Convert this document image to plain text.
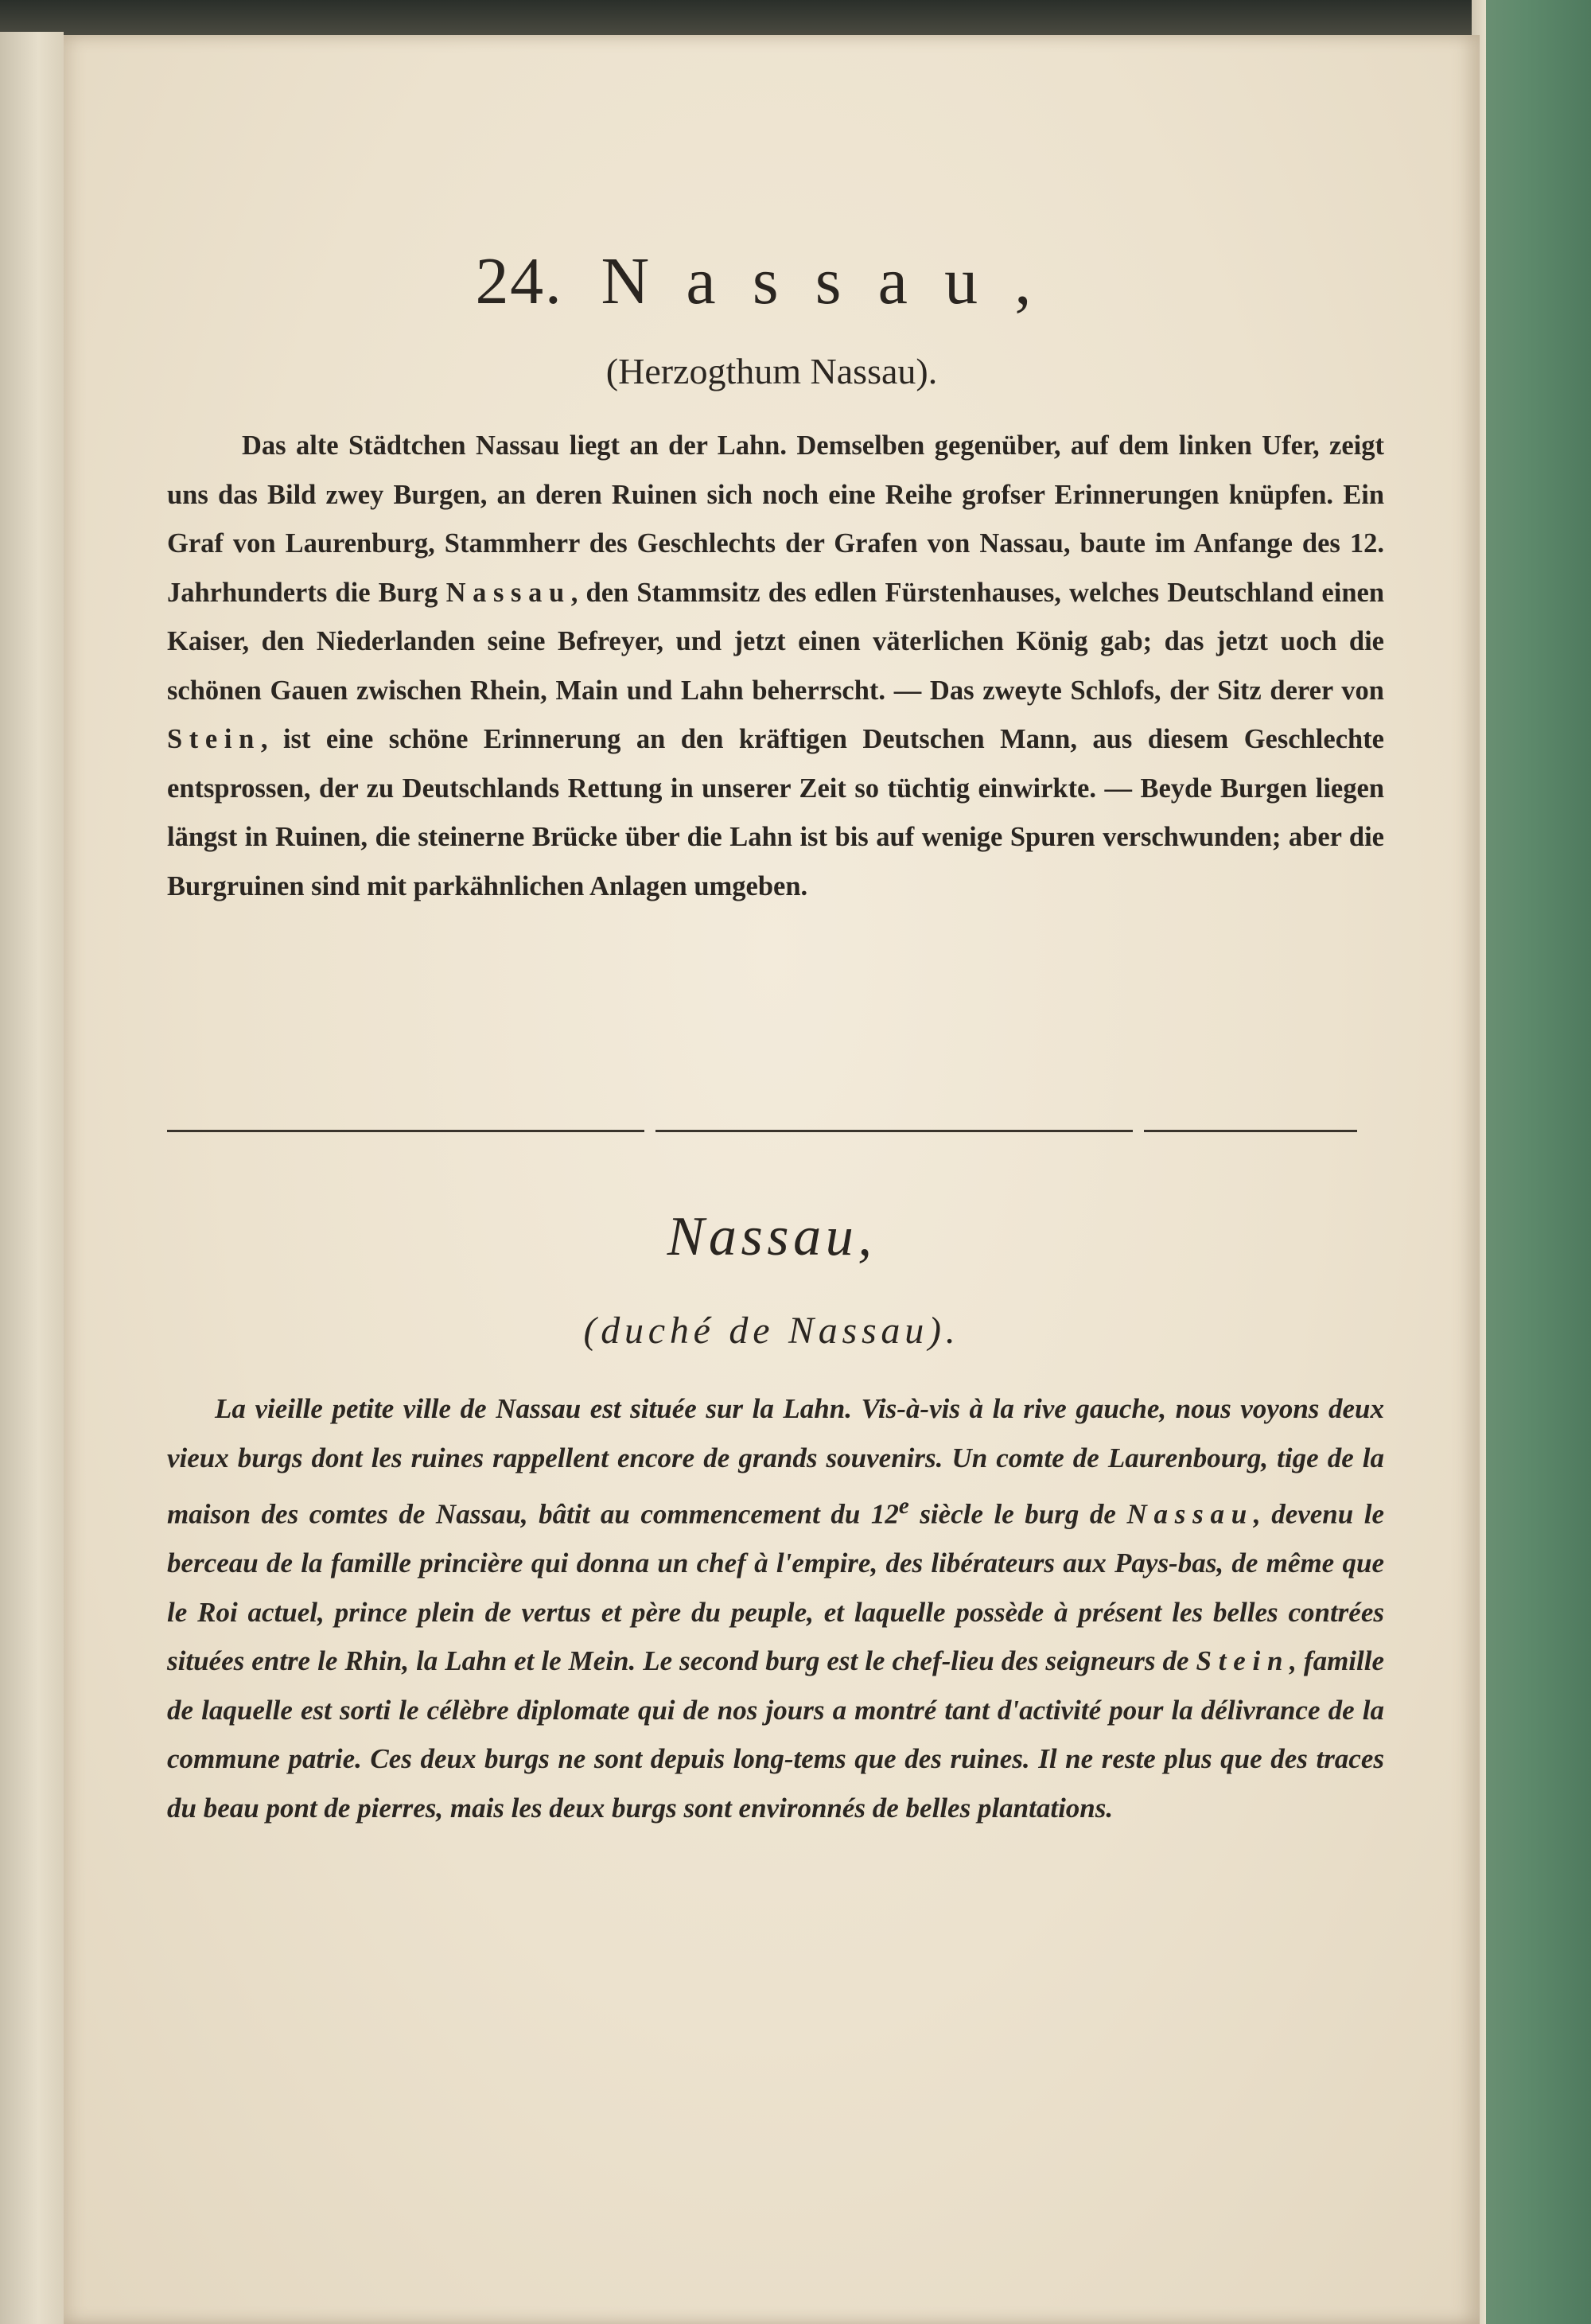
24. Nassau,
(Herzogthum Nassau).

Das alte Städtchen Nassau liegt an der Lahn. Demselben gegenüber, auf dem linken Ufer, zeigt uns das Bild zwey Burgen, an deren Ruinen sich noch eine Reihe grofser Erinnerungen knüpfen. Ein Graf von Laurenburg, Stammherr des Geschlechts der Grafen von Nassau, baute im Anfange des 12. Jahrhunderts die Burg Nassau, den Stammsitz des edlen Fürstenhauses, welches Deutschland einen Kaiser, den Niederlanden seine Befreyer, und jetzt einen väterlichen König gab; das jetzt uoch die schönen Gauen zwischen Rhein, Main und Lahn beherrscht. — Das zweyte Schlofs, der Sitz derer von Stein, ist eine schöne Erinnerung an den kräftigen Deutschen Mann, aus diesem Geschlechte entsprossen, der zu Deutschlands Rettung in unserer Zeit so tüchtig einwirkte. — Beyde Burgen liegen längst in Ruinen, die steinerne Brücke über die Lahn ist bis auf wenige Spuren verschwunden; aber die Burgruinen sind mit parkähnlichen Anlagen umgeben.

Nassau,
(duché de Nassau).

La vieille petite ville de Nassau est située sur la Lahn. Vis-à-vis à la rive gauche, nous voyons deux vieux burgs dont les ruines rappellent encore de grands souvenirs. Un comte de Laurenbourg, tige de la maison des comtes de Nassau, bâtit au commencement du 12e siècle le burg de Nassau, devenu le berceau de la famille princière qui donna un chef à l'empire, des libérateurs aux Pays-bas, de même que le Roi actuel, prince plein de vertus et père du peuple, et laquelle possède à présent les belles contrées situées entre le Rhin, la Lahn et le Mein. Le second burg est le chef-lieu des seigneurs de Stein, famille de laquelle est sorti le célèbre diplomate qui de nos jours a montré tant d'activité pour la délivrance de la commune patrie. Ces deux burgs ne sont depuis long-tems que des ruines. Il ne reste plus que des traces du beau pont de pierres, mais les deux burgs sont environnés de belles plantations.
